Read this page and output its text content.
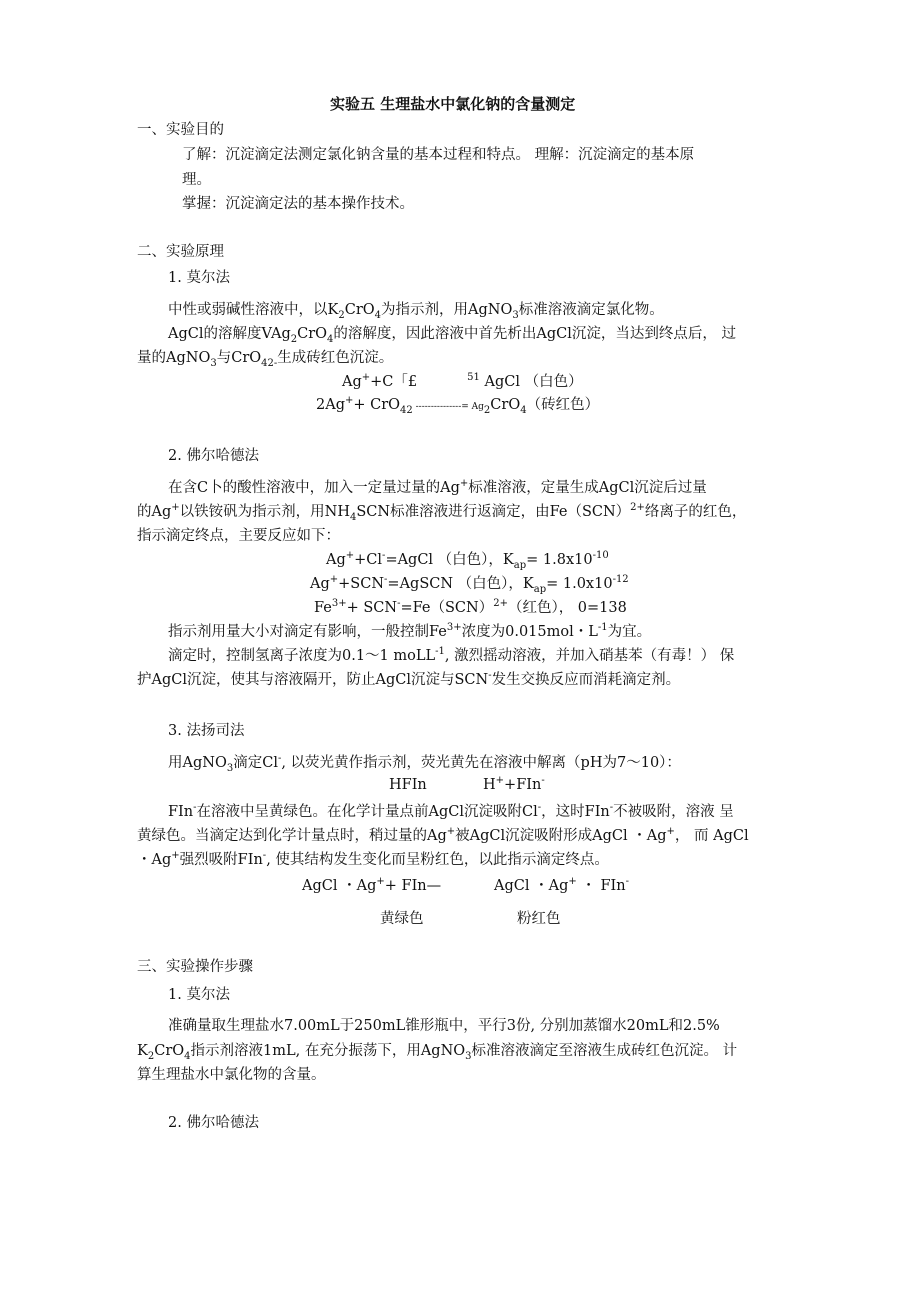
实验五 生理盐水中氯化钠的含量测定
一、实验目的
了解：沉淀滴定法测定氯化钠含量的基本过程和特点。 理解：沉淀滴定的基本原
理。
掌握：沉淀滴定法的基本操作技术。
二、实验原理
1. 莫尔法
中性或弱碱性溶液中，以$K_2CrO_4$为指示剂，用AgNO$_3$标准溶液滴定氯化物。
AgCl的溶解度VAg$_2$CrO$_4$的溶解度，因此溶液中首先析出AgCl沉淀，当达到终点后， 过
量的AgNO$_3$与CrO$_{42-}$生成砖红色沉淀。
Ag++C「£	$^{51}$ AgCl （白色）
2Ag++ CrO$_{42}$ ---------------= $Ag_2CrO_4$（砖红色）
2. 佛尔哈德法
在含C卜的酸性溶液中，加入一定量过量的Ag+标准溶液，定量生成AgCl沉淀后过量
的Ag+以铁铵矾为指示剂，用$NH_4SCN$标准溶液进行返滴定，由Fe（SCN）$^{2+}$络离子的红色，
指示滴定终点，主要反应如下：
Ag++Cl-=AgCl （白色），$K_{ap}= 1.8x10^{-10}$
Ag++SCN-=AgSCN （白色），$K_{ap}= 1.0x10^{-12}$
$Fe^{3+}+ SCN^-=Fe(SCN)^{2+}$（红色）， 0=138
指示剂用量大小对滴定有影响，一般控制$Fe^{3+}$浓度为0.015mol・$L^{-1}$为宜。
滴定时，控制氢离子浓度为0.1～1 moLL$^{-1}$, 激烈摇动溶液，并加入硝基苯（有毒！） 保
护AgCl沉淀，使其与溶液隔开，防止AgCl沉淀与SCN-发生交换反应而消耗滴定剂。
3. 法扬司法
用AgNO$_3$滴定Cl-, 以荧光黄作指示剂，荧光黄先在溶液中解离（pH为7～10）：
HFIn	H++FIn-
FIn-在溶液中呈黄绿色。在化学计量点前AgCl沉淀吸附Cl-，这时FIn-不被吸附，溶液 呈
黄绿色。当滴定达到化学计量点时，稍过量的Ag+被AgCl沉淀吸附形成AgCl ・Ag+， 而 AgCl
・Ag+强烈吸附FIn-, 使其结构发生变化而呈粉红色，以此指示滴定终点。
AgCl ・Ag++ FIn—	AgCl ・Ag+ ・ FIn-
黄绿色	粉红色
三、实验操作步骤
1. 莫尔法
准确量取生理盐水7.00mL于250mL锥形瓶中，平行3份, 分别加蒸馏水20mL和2.5%
$K_2CrO_4$指示剂溶液1mL, 在充分振荡下，用AgNO$_3$标准溶液滴定至溶液生成砖红色沉淀。 计
算生理盐水中氯化物的含量。
2. 佛尔哈德法
